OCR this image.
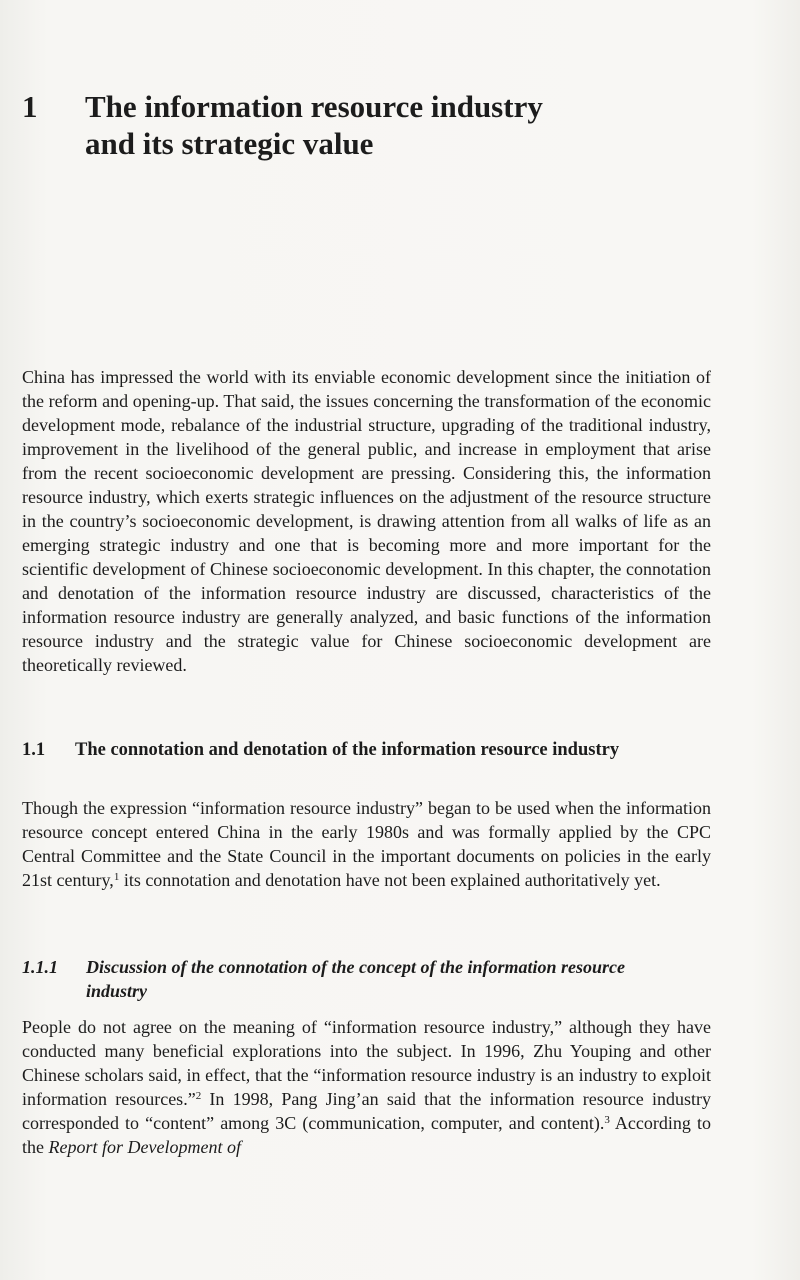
1 The information resource industry and its strategic value

China has impressed the world with its enviable economic development since the initiation of the reform and opening-up. That said, the issues concerning the transformation of the economic development mode, rebalance of the industrial structure, upgrading of the traditional industry, improvement in the livelihood of the general public, and increase in employment that arise from the recent socioeconomic development are pressing. Considering this, the information resource industry, which exerts strategic influences on the adjustment of the resource structure in the country’s socioeconomic development, is drawing attention from all walks of life as an emerging strategic industry and one that is becoming more and more important for the scientific development of Chinese socioeconomic development. In this chapter, the connotation and denotation of the information resource industry are discussed, characteristics of the information resource industry are generally analyzed, and basic functions of the information resource industry and the strategic value for Chinese socioeconomic development are theoretically reviewed.

1.1 The connotation and denotation of the information resource industry

Though the expression “information resource industry” began to be used when the information resource concept entered China in the early 1980s and was formally applied by the CPC Central Committee and the State Council in the important documents on policies in the early 21st century,$^1$ its connotation and denotation have not been explained authoritatively yet.

1.1.1 Discussion of the connotation of the concept of the information resource industry

People do not agree on the meaning of “information resource industry,” although they have conducted many beneficial explorations into the subject. In 1996, Zhu Youping and other Chinese scholars said, in effect, that the “information resource industry is an industry to exploit information resources.”$^2$ In 1998, Pang Jing’an said that the information resource industry corresponded to “content” among 3C (communication, computer, and content).$^3$ According to the Report for Development of
